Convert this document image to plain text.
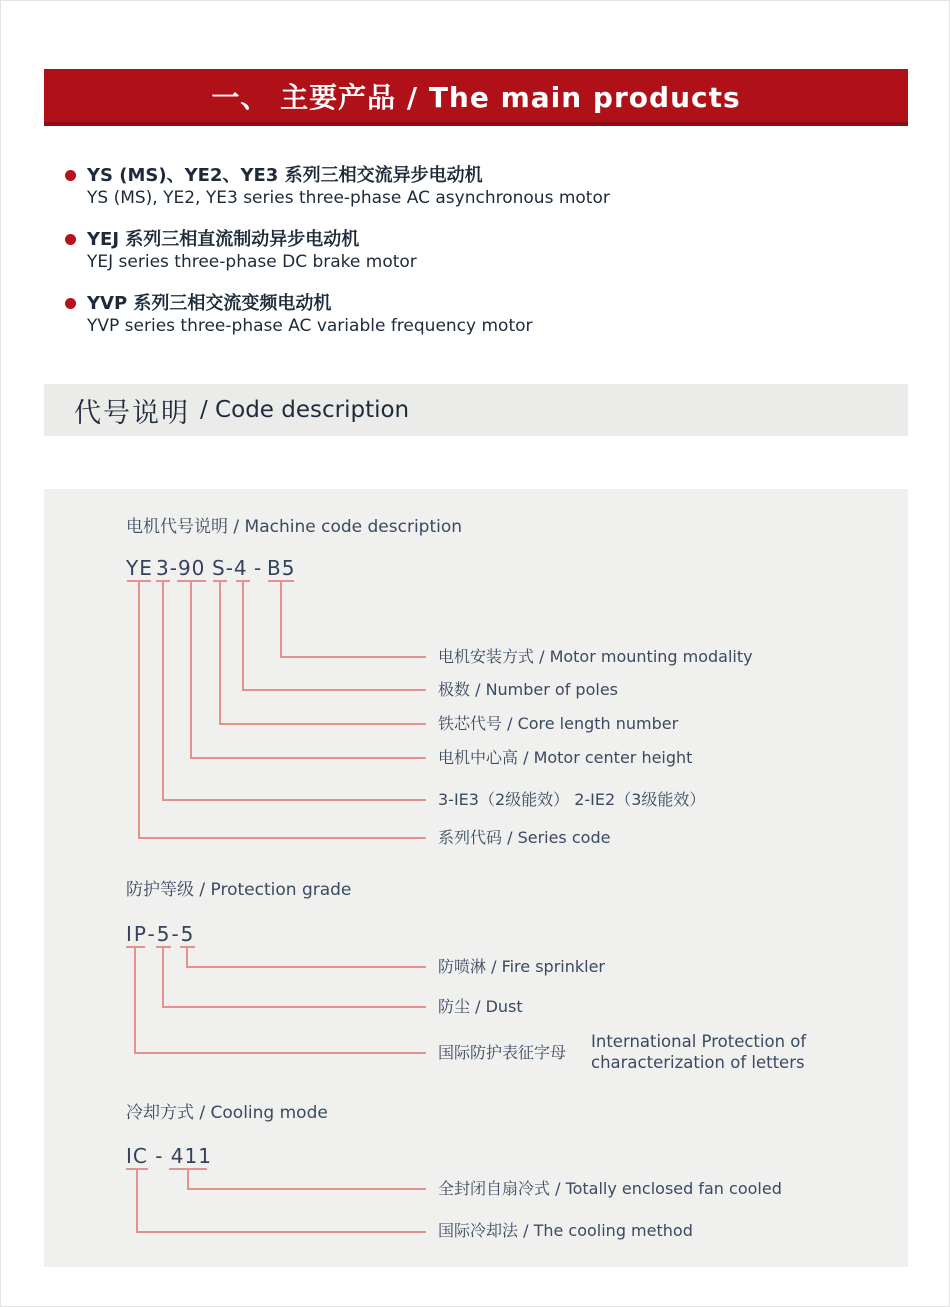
一、 主要产品 / The main products
YS (MS)、YE2、YE3 系列三相交流异步电动机
YS (MS), YE2, YE3 series three-phase AC asynchronous motor
YEJ 系列三相直流制动异步电动机
YEJ series three-phase DC brake motor
YVP 系列三相交流变频电动机
YVP series three-phase AC variable frequency motor
代号说明 / Code description
电机代号说明 / Machine code description
YE 3-90 S-4 - B5
电机安装方式 / Motor mounting modality
极数 / Number of poles
铁芯代号 / Core length number
电机中心高 / Motor center height
3-IE3（2级能效） 2-IE2（3级能效）
系列代码 / Series code
防护等级 / Protection grade
IP-5-5
防喷淋 / Fire sprinkler
防尘 / Dust
国际防护表征字母
International Protection of
characterization of letters
冷却方式 / Cooling mode
IC - 411
全封闭自扇冷式 / Totally enclosed fan cooled
国际冷却法 / The cooling method
